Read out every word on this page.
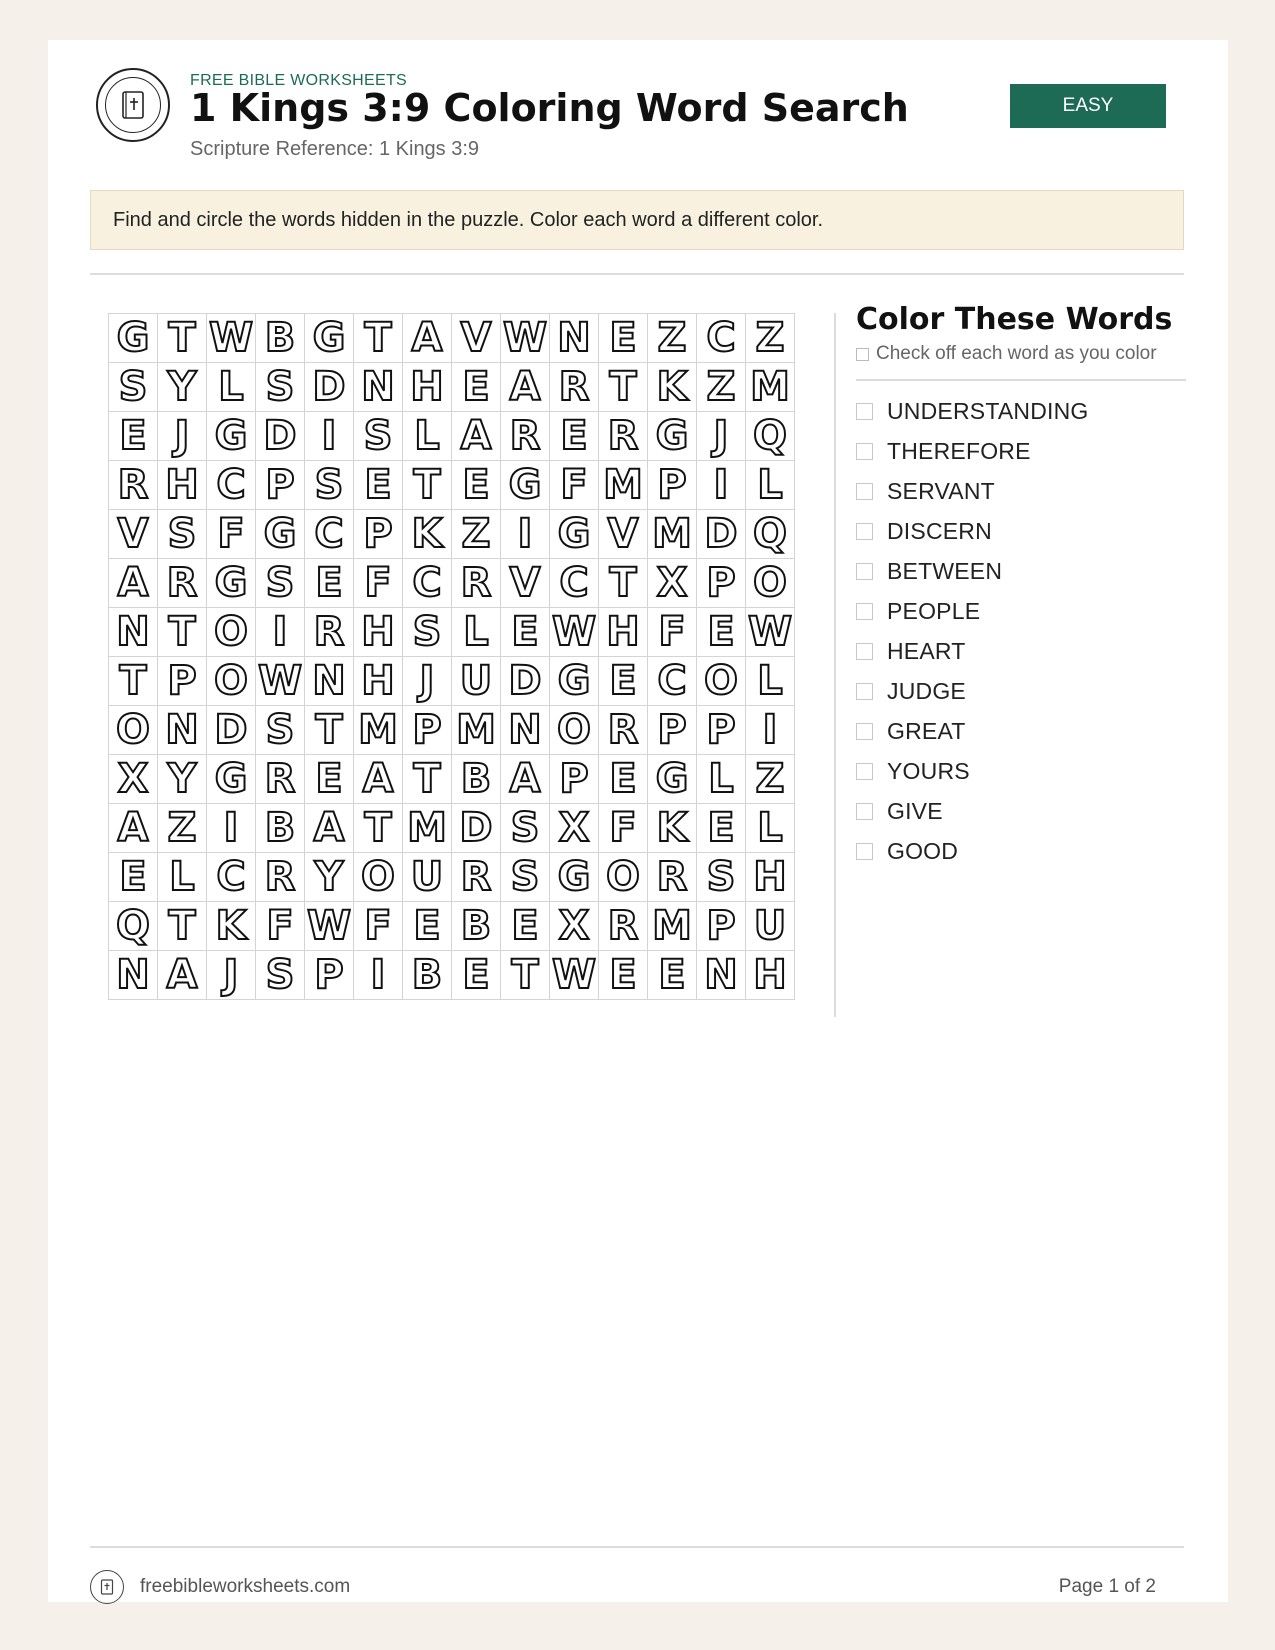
FREE BIBLE WORKSHEETS
1 Kings 3:9 Coloring Word Search
Scripture Reference: 1 Kings 3:9
EASY
Find and circle the words hidden in the puzzle. Color each word a different color.
G	T	W	B	G	T	A	V	W	N	E	Z	C	Z
S	Y	L	S	D	N	H	E	A	R	T	K	Z	M
E	J	G	D	I	S	L	A	R	E	R	G	J	Q
R	H	C	P	S	E	T	E	G	F	M	P	I	L
V	S	F	G	C	P	K	Z	I	G	V	M	D	Q
A	R	G	S	E	F	C	R	V	C	T	X	P	O
N	T	O	I	R	H	S	L	E	W	H	F	E	W
T	P	O	W	N	H	J	U	D	G	E	C	O	L
O	N	D	S	T	M	P	M	N	O	R	P	P	I
X	Y	G	R	E	A	T	B	A	P	E	G	L	Z
A	Z	I	B	A	T	M	D	S	X	F	K	E	L
E	L	C	R	Y	O	U	R	S	G	O	R	S	H
Q	T	K	F	W	F	E	B	E	X	R	M	P	U
N	A	J	S	P	I	B	E	T	W	E	E	N	H
Color These Words
Check off each word as you color
UNDERSTANDING
THEREFORE
SERVANT
DISCERN
BETWEEN
PEOPLE
HEART
JUDGE
GREAT
YOURS
GIVE
GOOD
freebibleworksheets.com	Page 1 of 2
